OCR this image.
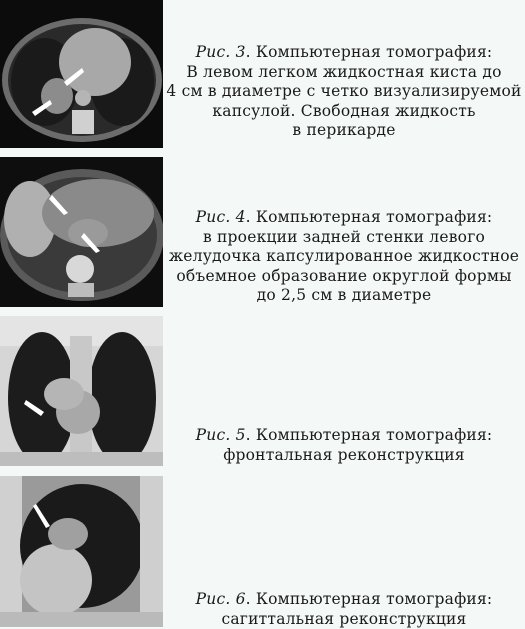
Рис. 3. Компьютерная томография:
В левом легком жидкостная киста до
4 см в диаметре с четко визуализируемой
капсулой. Свободная жидкость
в перикарде
Рис. 4. Компьютерная томография:
в проекции задней стенки левого
желудочка капсулированное жидкостное
объемное образование округлой формы
до 2,5 см в диаметре
Рис. 5. Компьютерная томография:
фронтальная реконструкция
Рис. 6. Компьютерная томография:
сагиттальная реконструкция
